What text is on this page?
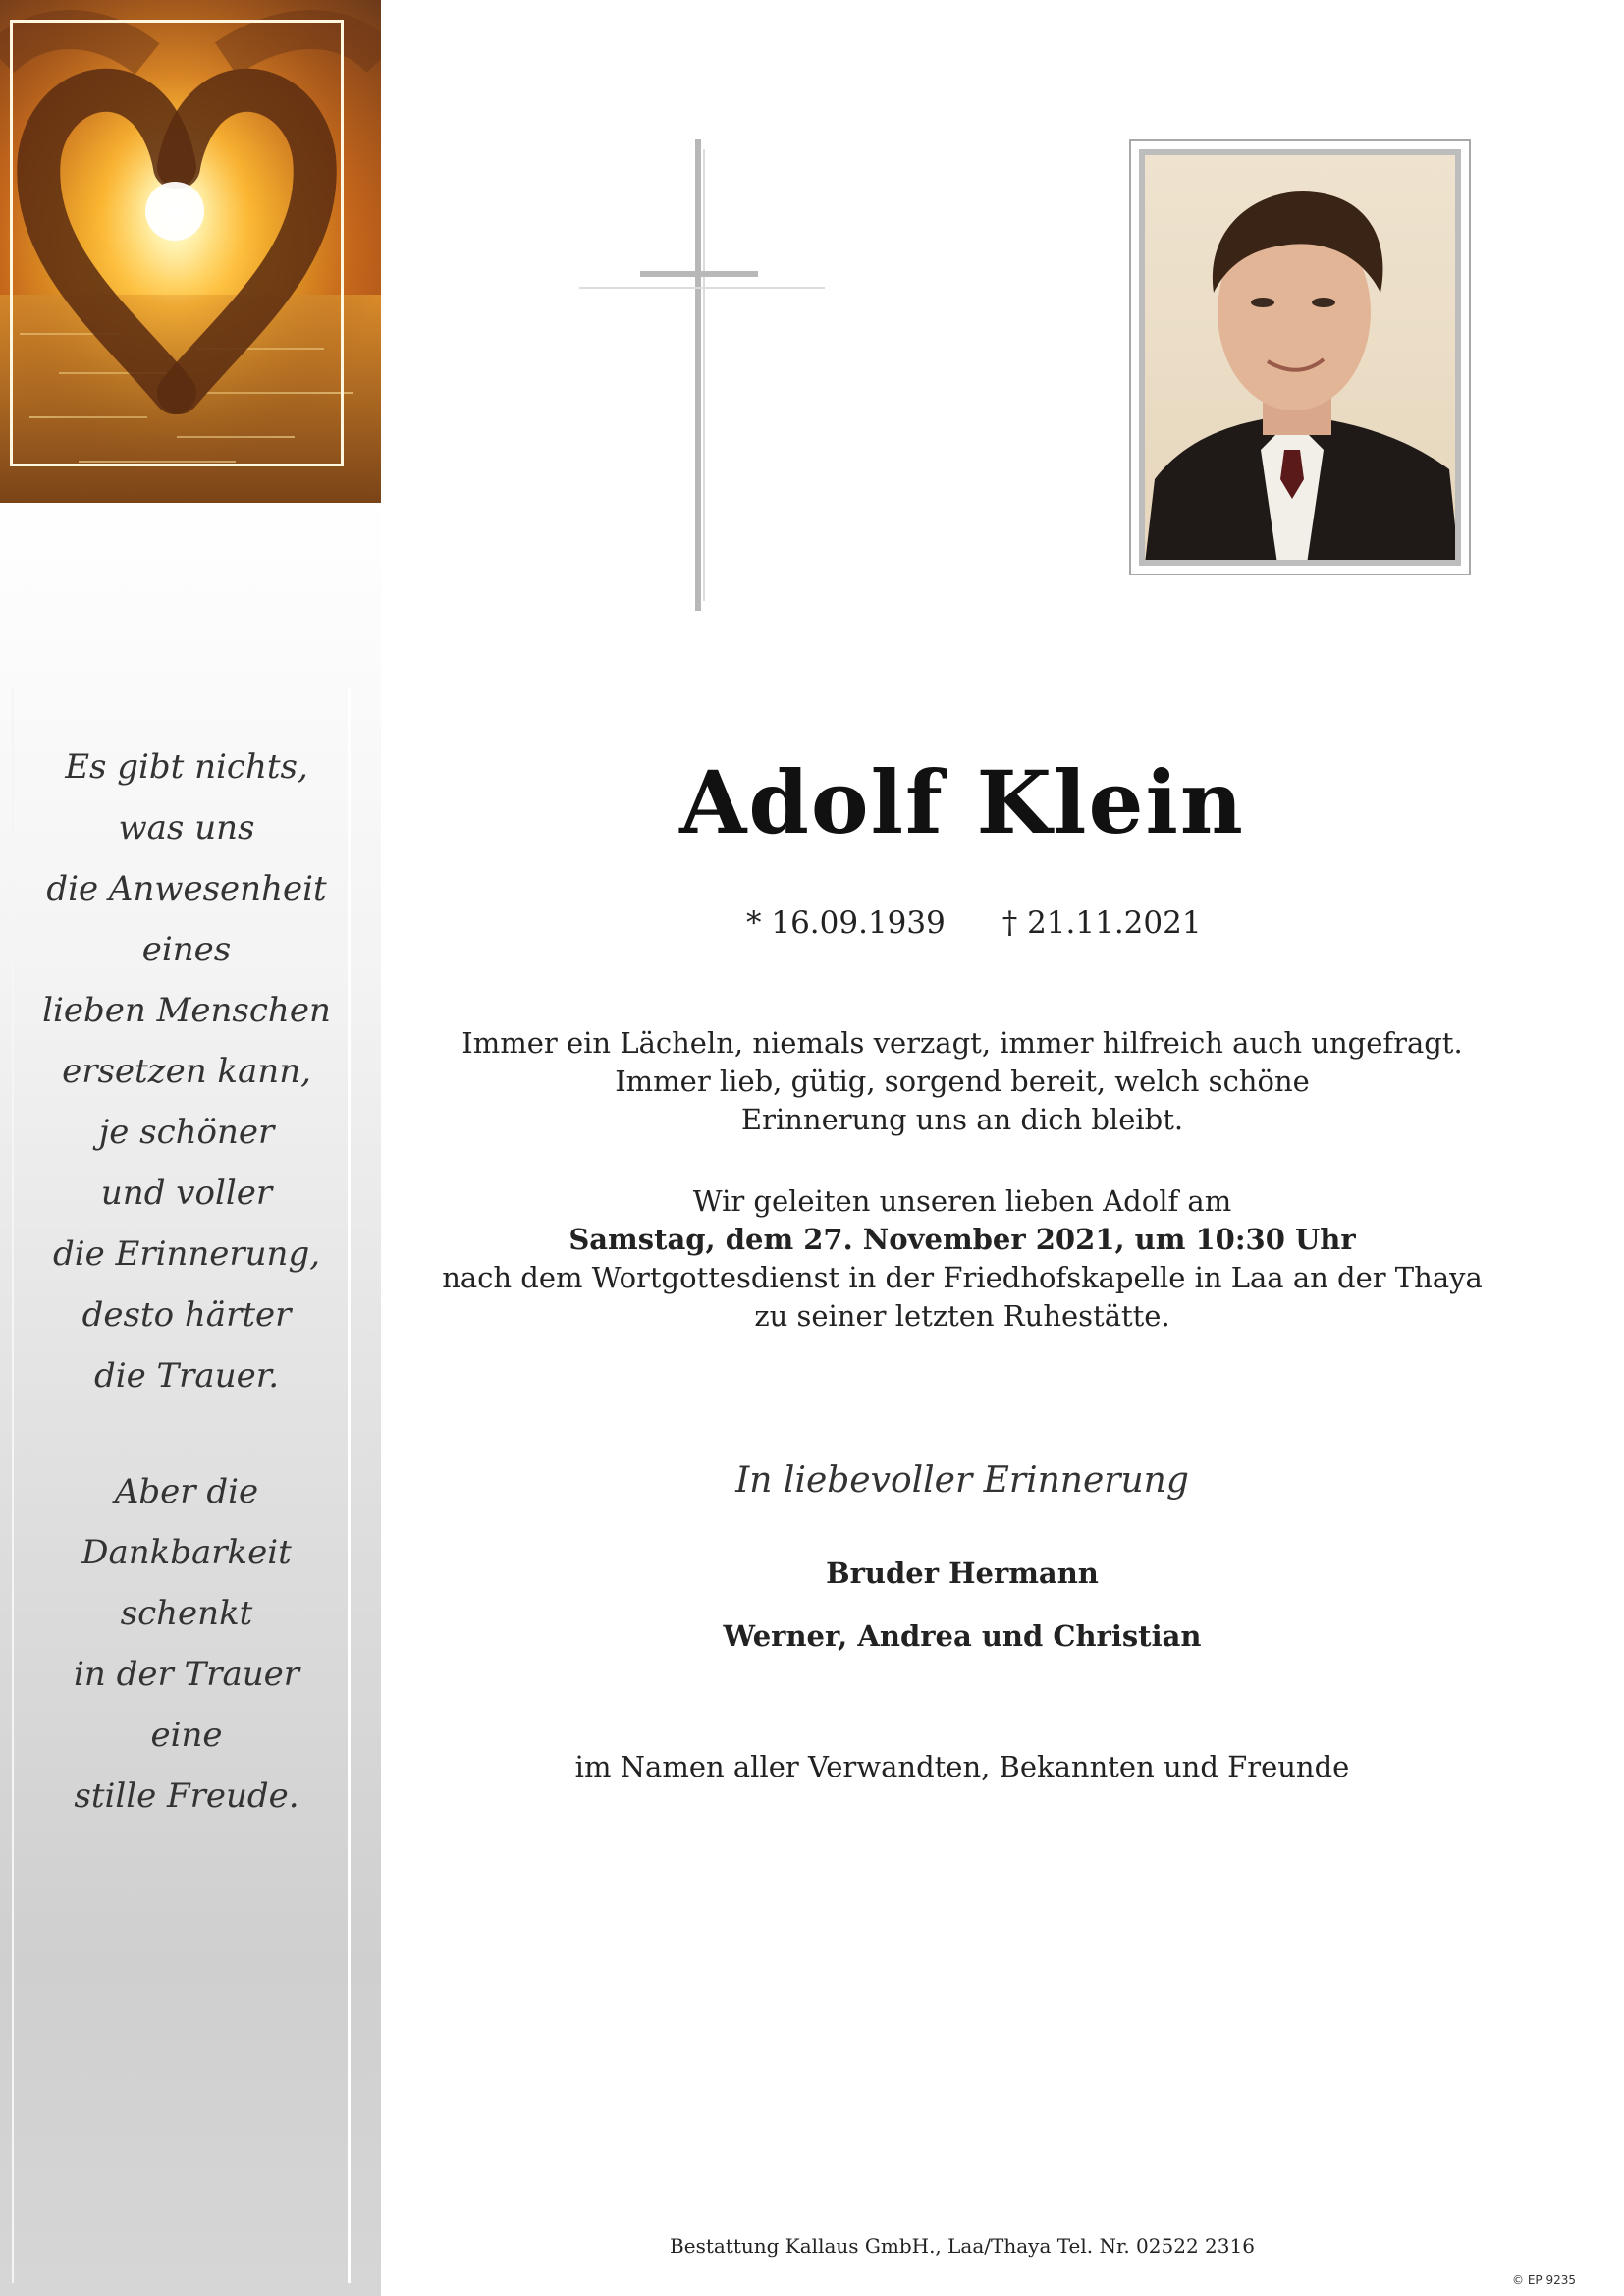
Es gibt nichts,
was uns
die Anwesenheit
eines
lieben Menschen
ersetzen kann,
je schöner
und voller
die Erinnerung,
desto härter
die Trauer.
Aber die
Dankbarkeit
schenkt
in der Trauer
eine
stille Freude.
Adolf Klein
* 16.09.1939 † 21.11.2021
Immer ein Lächeln, niemals verzagt, immer hilfreich auch ungefragt.
Immer lieb, gütig, sorgend bereit, welch schöne
Erinnerung uns an dich bleibt.
Wir geleiten unseren lieben Adolf am
Samstag, dem 27. November 2021, um 10:30 Uhr
nach dem Wortgottesdienst in der Friedhofskapelle in Laa an der Thaya
zu seiner letzten Ruhestätte.
In liebevoller Erinnerung
Bruder Hermann
Werner, Andrea und Christian
im Namen aller Verwandten, Bekannten und Freunde
Bestattung Kallaus GmbH., Laa/Thaya Tel. Nr. 02522 2316
© EP 9235
